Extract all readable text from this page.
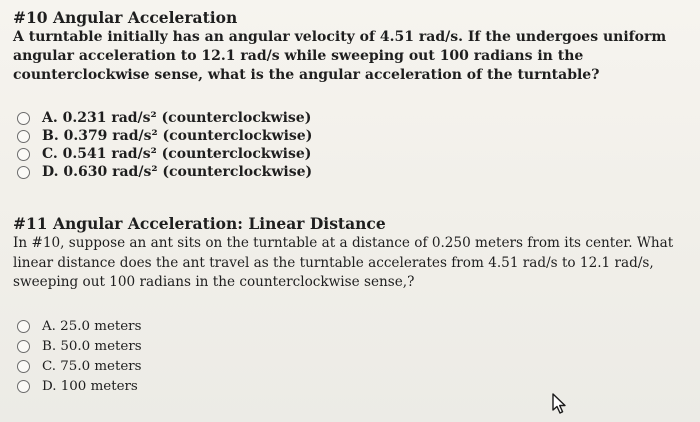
#10 Angular Acceleration

A turntable initially has an angular velocity of 4.51 rad/s. If the undergoes uniform angular acceleration to 12.1 rad/s while sweeping out 100 radians in the counterclockwise sense, what is the angular acceleration of the turntable?

A. 0.231 rad/s² (counterclockwise)
B. 0.379 rad/s² (counterclockwise)
C. 0.541 rad/s² (counterclockwise)
D. 0.630 rad/s² (counterclockwise)
#11 Angular Acceleration: Linear Distance

In #10, suppose an ant sits on the turntable at a distance of 0.250 meters from its center. What linear distance does the ant travel as the turntable accelerates from 4.51 rad/s to 12.1 rad/s, sweeping out 100 radians in the counterclockwise sense,?

A. 25.0 meters
B. 50.0 meters
C. 75.0 meters
D. 100 meters
